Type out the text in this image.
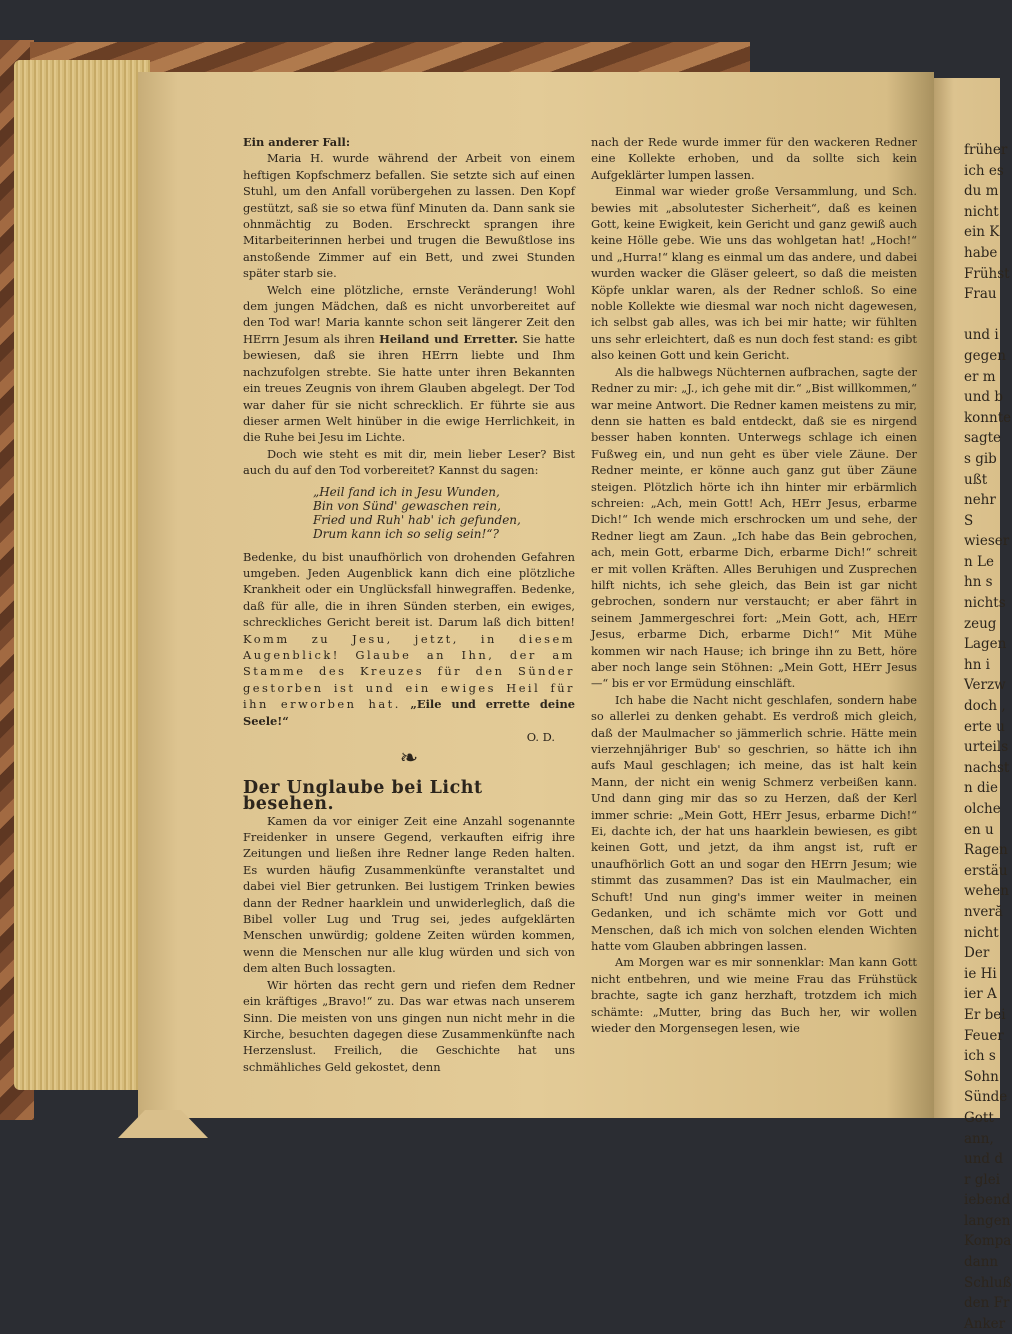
Ein anderer Fall:

Maria H. wurde während der Arbeit von einem heftigen Kopfschmerz befallen. Sie setzte sich auf einen Stuhl, um den Anfall vorübergehen zu lassen. Den Kopf gestützt, saß sie so etwa fünf Minuten da. Dann sank sie ohnmächtig zu Boden. Erschreckt sprangen ihre Mitarbeiterinnen herbei und trugen die Bewußtlose ins anstoßende Zimmer auf ein Bett, und zwei Stunden später starb sie.

Welch eine plötzliche, ernste Veränderung! Wohl dem jungen Mädchen, daß es nicht unvorbereitet auf den Tod war! Maria kannte schon seit längerer Zeit den HErrn Jesum als ihren Heiland und Erretter. Sie hatte bewiesen, daß sie ihren HErrn liebte und Ihm nachzufolgen strebte. Sie hatte unter ihren Bekannten ein treues Zeugnis von ihrem Glauben abgelegt. Der Tod war daher für sie nicht schrecklich. Er führte sie aus dieser armen Welt hinüber in die ewige Herrlichkeit, in die Ruhe bei Jesu im Lichte.

Doch wie steht es mit dir, mein lieber Leser? Bist auch du auf den Tod vorbereitet? Kannst du sagen:

„Heil fand ich in Jesu Wunden,
Bin von Sünd' gewaschen rein,
Fried und Ruh' hab' ich gefunden,
Drum kann ich so selig sein!“?

Bedenke, du bist unaufhörlich von drohenden Gefahren umgeben. Jeden Augenblick kann dich eine plötzliche Krankheit oder ein Unglücksfall hinwegraffen. Bedenke, daß für alle, die in ihren Sünden sterben, ein ewiges, schreckliches Gericht bereit ist. Darum laß dich bitten! Komm zu Jesu, jetzt, in diesem Augenblick! Glaube an Ihn, der am Stamme des Kreuzes für den Sünder gestorben ist und ein ewiges Heil für ihn erworben hat. „Eile und errette deine Seele!“

O. D.

❧

Der Unglaube bei Licht besehen.

Kamen da vor einiger Zeit eine Anzahl sogenannte Freidenker in unsere Gegend, verkauften eifrig ihre Zeitungen und ließen ihre Redner lange Reden halten. Es wurden häufig Zusammenkünfte veranstaltet und dabei viel Bier getrunken. Bei lustigem Trinken bewies dann der Redner haarklein und unwiderleglich, daß die Bibel voller Lug und Trug sei, jedes aufgeklärten Menschen unwürdig; goldene Zeiten würden kommen, wenn die Menschen nur alle klug würden und sich von dem alten Buch lossagten.

Wir hörten das recht gern und riefen dem Redner ein kräftiges „Bravo!“ zu. Das war etwas nach unserem Sinn. Die meisten von uns gingen nun nicht mehr in die Kirche, besuchten dagegen diese Zusammenkünfte nach Herzenslust. Freilich, die Geschichte hat uns schmähliches Geld gekostet, denn

nach der Rede wurde immer für den wackeren Redner eine Kollekte erhoben, und da sollte sich kein Aufgeklärter lumpen lassen.

Einmal war wieder große Versammlung, und Sch. bewies mit „absolutester Sicherheit“, daß es keinen Gott, keine Ewigkeit, kein Gericht und ganz gewiß auch keine Hölle gebe. Wie uns das wohlgetan hat! „Hoch!“ und „Hurra!“ klang es einmal um das andere, und dabei wurden wacker die Gläser geleert, so daß die meisten Köpfe unklar waren, als der Redner schloß. So eine noble Kollekte wie diesmal war noch nicht dagewesen, ich selbst gab alles, was ich bei mir hatte; wir fühlten uns sehr erleichtert, daß es nun doch fest stand: es gibt also keinen Gott und kein Gericht.

Als die halbwegs Nüchternen aufbrachen, sagte der Redner zu mir: „J., ich gehe mit dir.“ „Bist willkommen,“ war meine Antwort. Die Redner kamen meistens zu mir, denn sie hatten es bald entdeckt, daß sie es nirgend besser haben konnten. Unterwegs schlage ich einen Fußweg ein, und nun geht es über viele Zäune. Der Redner meinte, er könne auch ganz gut über Zäune steigen. Plötzlich hörte ich ihn hinter mir erbärmlich schreien: „Ach, mein Gott! Ach, HErr Jesus, erbarme Dich!“ Ich wende mich erschrocken um und sehe, der Redner liegt am Zaun. „Ich habe das Bein gebrochen, ach, mein Gott, erbarme Dich, erbarme Dich!“ schreit er mit vollen Kräften. Alles Beruhigen und Zusprechen hilft nichts, ich sehe gleich, das Bein ist gar nicht gebrochen, sondern nur verstaucht; er aber fährt in seinem Jammergeschrei fort: „Mein Gott, ach, HErr Jesus, erbarme Dich, erbarme Dich!“ Mit Mühe kommen wir nach Hause; ich bringe ihn zu Bett, höre aber noch lange sein Stöhnen: „Mein Gott, HErr Jesus —“ bis er vor Ermüdung einschläft.

Ich habe die Nacht nicht geschlafen, sondern habe so allerlei zu denken gehabt. Es verdroß mich gleich, daß der Maulmacher so jämmerlich schrie. Hätte mein vierzehnjähriger Bub' so geschrien, so hätte ich ihn aufs Maul geschlagen; ich meine, das ist halt kein Mann, der nicht ein wenig Schmerz verbeißen kann. Und dann ging mir das so zu Herzen, daß der Kerl immer schrie: „Mein Gott, HErr Jesus, erbarme Dich!“ Ei, dachte ich, der hat uns haarklein bewiesen, es gibt keinen Gott, und jetzt, da ihm angst ist, ruft er unaufhörlich Gott an und sogar den HErrn Jesum; wie stimmt das zusammen? Das ist ein Maulmacher, ein Schuft! Und nun ging's immer weiter in meinen Gedanken, und ich schämte mich vor Gott und Menschen, daß ich mich von solchen elenden Wichten hatte vom Glauben abbringen lassen.

Am Morgen war es mir sonnenklar: Man kann Gott nicht entbehren, und wie meine Frau das Frühstück brachte, sagte ich ganz herzhaft, trotzdem ich mich schämte: „Mutter, bring das Buch her, wir wollen wieder den Morgensegen lesen, wie

früher
ich es
du m
nicht
ein K
habe
Frühst
Frau

und i
gegen
er m
und b
konnte
sagte
s gib
ußt
nehr
S
wieser
n Le
hn s
nichts
zeug
Lagen
hn i
Verzw
doch ,
erte u
urteils
nachst
n die
olche
en u
Ragen
erstäu
wehen
nveră
nicht
Der
ie Hi
ier A
Er bei
Feuer
ich s
Sohn
Sünde
Gott
ann,
und d
r glei
iebend
langen
Kompa
dann
Schluß
den Fr
Anker
